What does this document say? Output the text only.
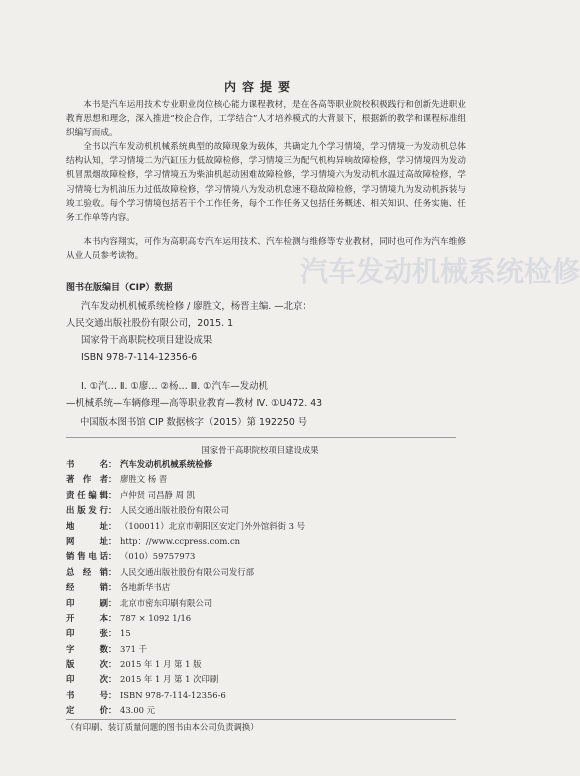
汽车发动机械系统检修
内容提要

本书是汽车运用技术专业职业岗位核心能力课程教材，是在各高等职业院校积极践行和创新先进职业教育思想和理念，深入推进“校企合作，工学结合”人才培养模式的大背景下，根据新的教学和课程标准组织编写而成。

全书以汽车发动机机械系统典型的故障现象为载体，共确定九个学习情境，学习情境一为发动机总体结构认知，学习情境二为汽缸压力低故障检修，学习情境三为配气机构异响故障检修，学习情境四为发动机冒黑烟故障检修，学习情境五为柴油机起动困难故障检修，学习情境六为发动机水温过高故障检修，学习情境七为机油压力过低故障检修，学习情境八为发动机怠速不稳故障检修，学习情境九为发动机拆装与竣工验收。每个学习情境包括若干个工作任务，每个工作任务又包括任务概述、相关知识、任务实施、任务工作单等内容。

本书内容翔实，可作为高职高专汽车运用技术、汽车检测与维修等专业教材，同时也可作为汽车维修从业人员参考读物。

图书在版编目（CIP）数据
汽车发动机机械系统检修 / 廖胜文，杨晋主编. —北京：
人民交通出版社股份有限公司，2015. 1
国家骨干高职院校项目建设成果
ISBN 978-7-114-12356-6
Ⅰ. ①汽… Ⅱ. ①廖… ②杨… Ⅲ. ①汽车—发动机
—机械系统—车辆修理—高等职业教育—教材 Ⅳ. ①U472. 43
中国版本图书馆 CIP 数据核字（2015）第 192250 号
国家骨干高职院校项目建设成果
书	名 ： 汽车发动机机械系统检修
著 作 者 ： 廖胜文 杨 晋
责 任 编 辑 ： 卢仲贤 司昌静 周 凯
出 版 发 行 ： 人民交通出版社股份有限公司
地	址 ： （100011）北京市朝阳区安定门外外馆斜街 3 号
网	址 ： http：//www.ccpress.com.cn
销 售 电 话 ： （010）59757973
总 经 销 ： 人民交通出版社股份有限公司发行部
经	销 ： 各地新华书店
印	刷 ： 北京市密东印刷有限公司
开	本 ： 787 × 1092 1/16
印	张 ： 15
字	数 ： 371 千
版	次 ： 2015 年 1 月 第 1 版
印	次 ： 2015 年 1 月 第 1 次印刷
书	号 ： ISBN 978-7-114-12356-6
定	价 ： 43.00 元
（有印刷、装订质量问题的图书由本公司负责调换）
